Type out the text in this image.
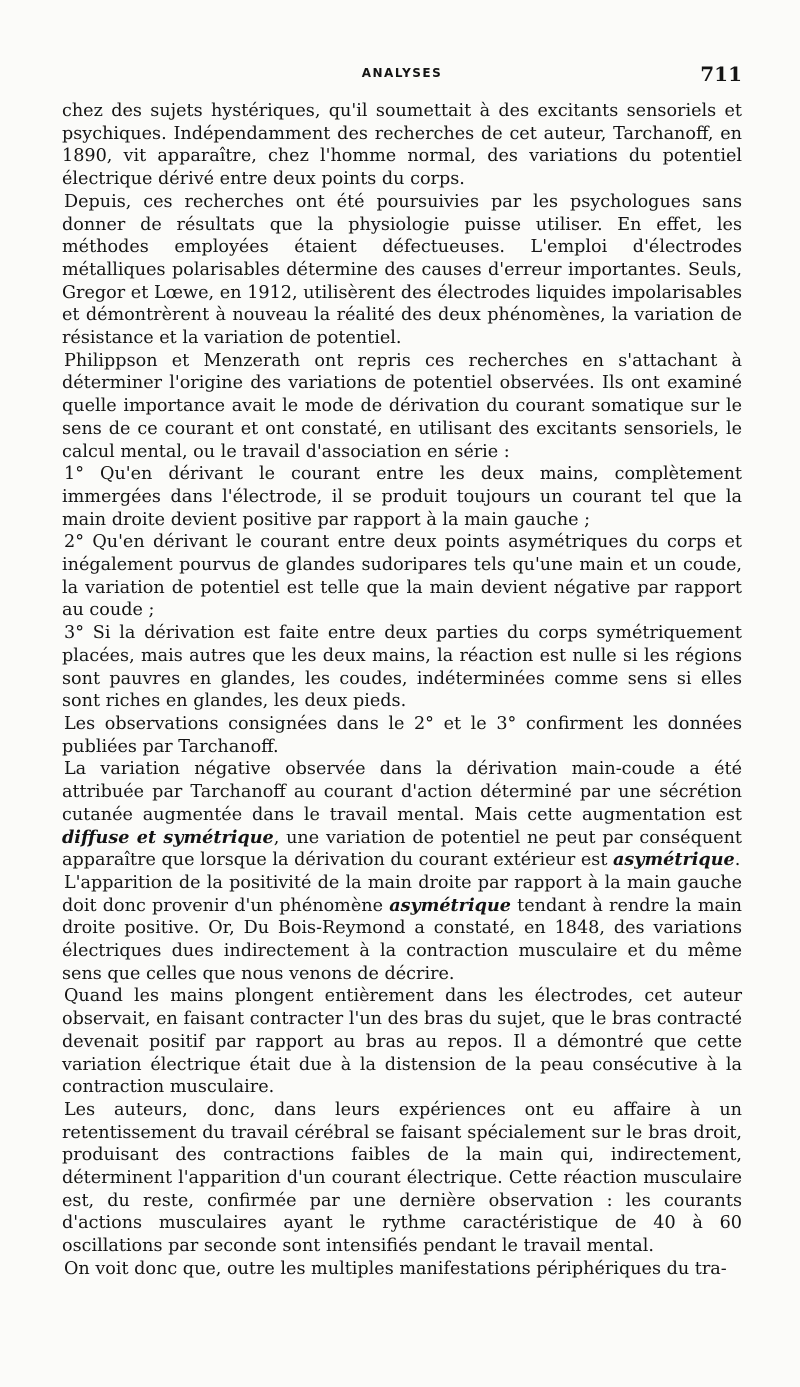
ANALYSES	711

chez des sujets hystériques, qu'il soumettait à des excitants sensoriels et psychiques. Indépendamment des recherches de cet auteur, Tarchanoff, en 1890, vit apparaître, chez l'homme normal, des variations du potentiel électrique dérivé entre deux points du corps.

Depuis, ces recherches ont été poursuivies par les psychologues sans donner de résultats que la physiologie puisse utiliser. En effet, les méthodes employées étaient défectueuses. L'emploi d'électrodes métalliques polarisables détermine des causes d'erreur importantes. Seuls, Gregor et Lœwe, en 1912, utilisèrent des électrodes liquides impolarisables et démontrèrent à nouveau la réalité des deux phénomènes, la variation de résistance et la variation de potentiel.

Philippson et Menzerath ont repris ces recherches en s'attachant à déterminer l'origine des variations de potentiel observées. Ils ont examiné quelle importance avait le mode de dérivation du courant somatique sur le sens de ce courant et ont constaté, en utilisant des excitants sensoriels, le calcul mental, ou le travail d'association en série :

1° Qu'en dérivant le courant entre les deux mains, complètement immergées dans l'électrode, il se produit toujours un courant tel que la main droite devient positive par rapport à la main gauche ;

2° Qu'en dérivant le courant entre deux points asymétriques du corps et inégalement pourvus de glandes sudoripares tels qu'une main et un coude, la variation de potentiel est telle que la main devient négative par rapport au coude ;

3° Si la dérivation est faite entre deux parties du corps symétriquement placées, mais autres que les deux mains, la réaction est nulle si les régions sont pauvres en glandes, les coudes, indéterminées comme sens si elles sont riches en glandes, les deux pieds.

Les observations consignées dans le 2° et le 3° confirment les données publiées par Tarchanoff.

La variation négative observée dans la dérivation main-coude a été attribuée par Tarchanoff au courant d'action déterminé par une sécrétion cutanée augmentée dans le travail mental. Mais cette augmentation est diffuse et symétrique, une variation de potentiel ne peut par conséquent apparaître que lorsque la dérivation du courant extérieur est asymétrique.

L'apparition de la positivité de la main droite par rapport à la main gauche doit donc provenir d'un phénomène asymétrique tendant à rendre la main droite positive. Or, Du Bois-Reymond a constaté, en 1848, des variations électriques dues indirectement à la contraction musculaire et du même sens que celles que nous venons de décrire.

Quand les mains plongent entièrement dans les électrodes, cet auteur observait, en faisant contracter l'un des bras du sujet, que le bras contracté devenait positif par rapport au bras au repos. Il a démontré que cette variation électrique était due à la distension de la peau consécutive à la contraction musculaire.

Les auteurs, donc, dans leurs expériences ont eu affaire à un retentissement du travail cérébral se faisant spécialement sur le bras droit, produisant des contractions faibles de la main qui, indirectement, déterminent l'apparition d'un courant électrique. Cette réaction musculaire est, du reste, confirmée par une dernière observation : les courants d'actions musculaires ayant le rythme caractéristique de 40 à 60 oscillations par seconde sont intensifiés pendant le travail mental.

On voit donc que, outre les multiples manifestations périphériques du tra-
